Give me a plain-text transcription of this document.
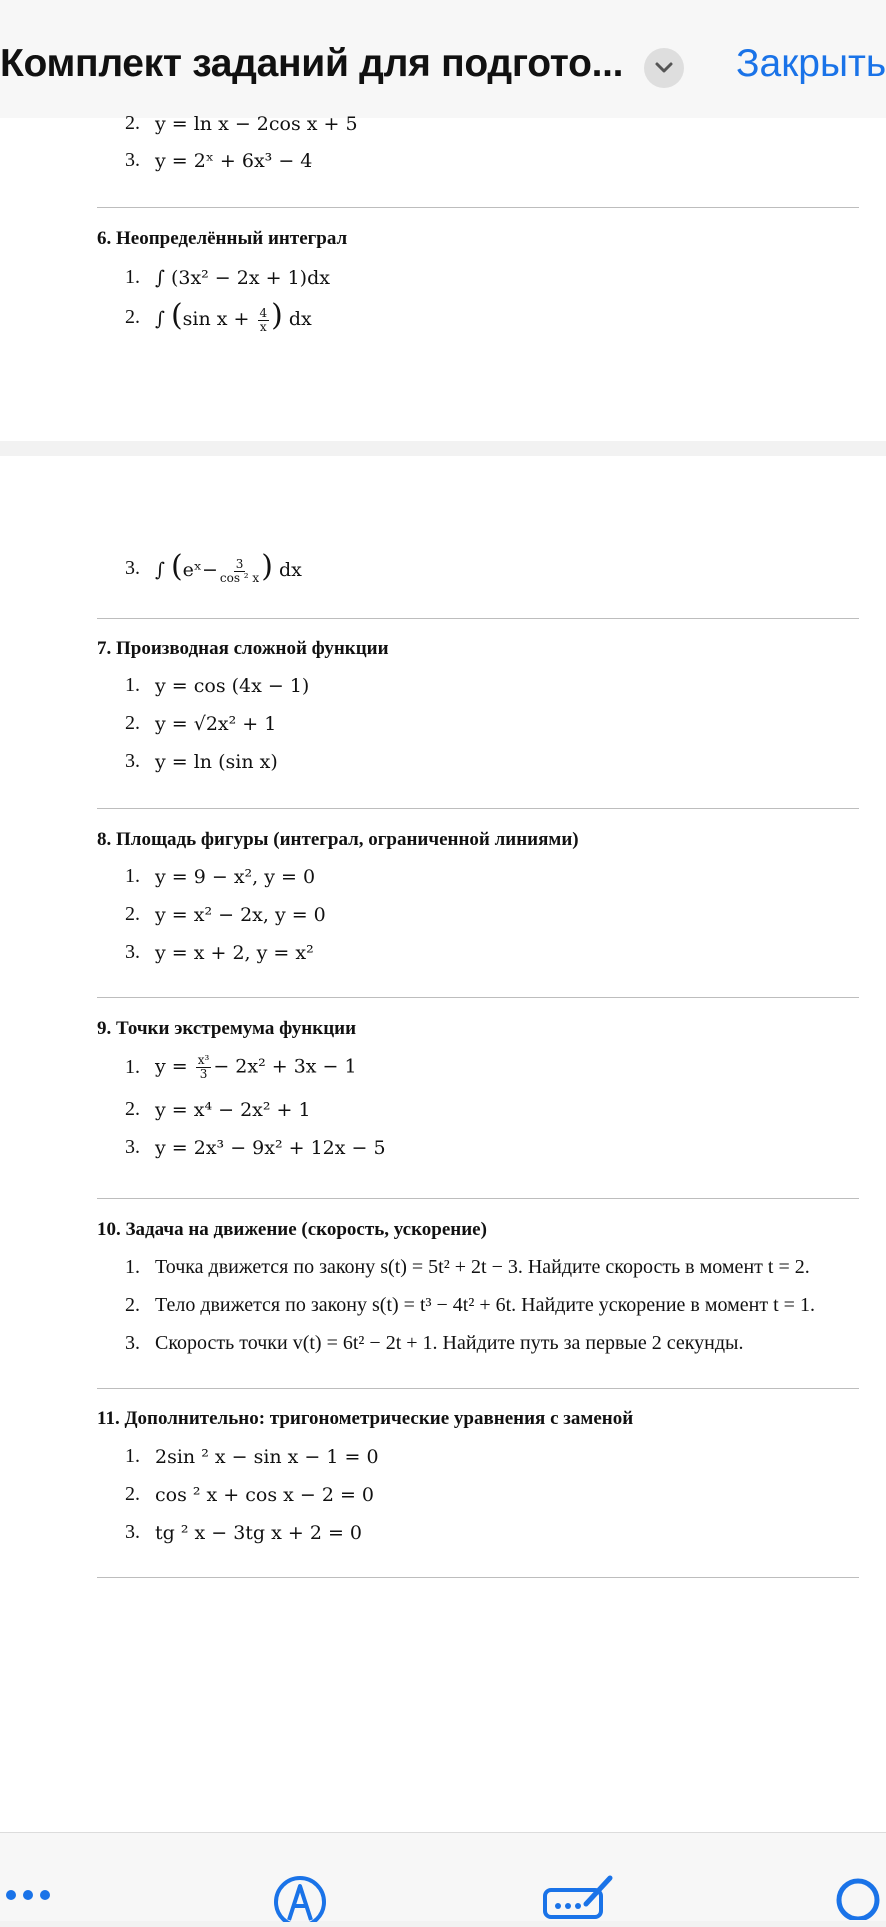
Комплект заданий для подгото...	Закрыть
2. y = ln x − 2cos x + 5
3. y = 2ˣ + 6x³ − 4
6. Неопределённый интеграл
1. ∫ (3x² − 2x + 1)dx
2. ∫ (sin $x + \frac{4}{x}$ ) dx
3. ∫ (eˣ− $\frac{3}{\text{cos ² x}}$ ) dx
7. Производная сложной функции
1. y = cos (4x − 1)
2. y = √2x² + 1
3. y = ln (sin x)
8. Площадь фигуры (интеграл, ограниченной линиями)
1. y = 9 − x², y = 0
2. y = x² − 2x, y = 0
3. y = x + 2, y = x²
9. Точки экстремума функции
1. $y = \frac{\text{x³}}{3} - 2x^2 + 3x - 1$
2. y = x⁴ − 2x² + 1
3. y = 2x³ − 9x² + 12x − 5
10. Задача на движение (скорость, ускорение)
1. Точка движется по закону s(t) = 5t² + 2t − 3. Найдите скорость в момент t = 2.
2. Тело движется по закону s(t) = t³ − 4t² + 6t. Найдите ускорение в момент t = 1.
3. Скорость точки v(t) = 6t² − 2t + 1. Найдите путь за первые 2 секунды.
11. Дополнительно: тригонометрические уравнения с заменой
1. 2sin ² x − sin x − 1 = 0
2. cos ² x + cos x − 2 = 0
3. tg ² x − 3tg x + 2 = 0
